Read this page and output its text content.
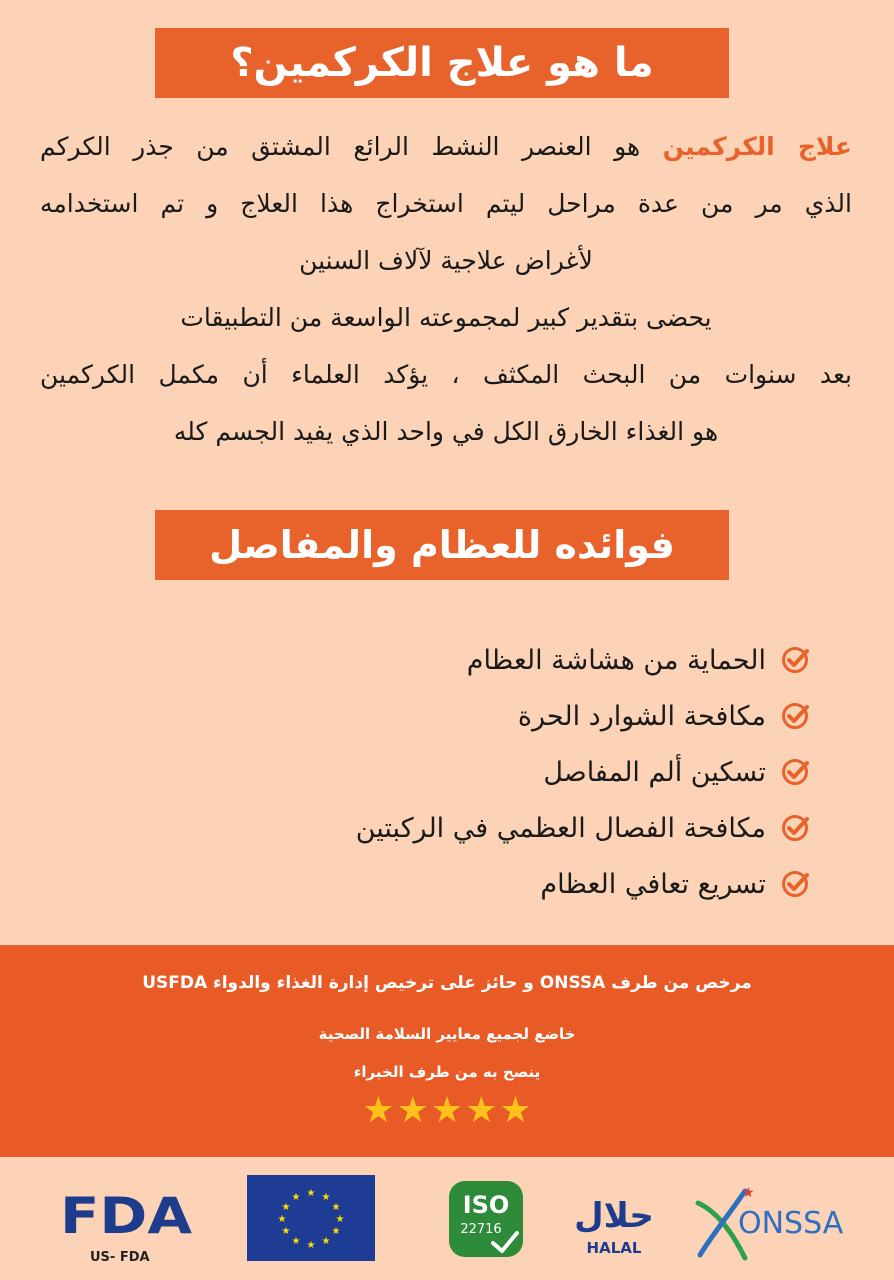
ما هو علاج الكركمين؟
علاج الكركمين هو العنصر النشط الرائع المشتق من جذر الكركم
الذي مر من عدة مراحل ليتم استخراج هذا العلاج و تم استخدامه
لأغراض علاجية لآلاف السنين
يحضى بتقدير كبير لمجموعته الواسعة من التطبيقات
بعد سنوات من البحث المكثف ، يؤكد العلماء أن مكمل الكركمين
هو الغذاء الخارق الكل في واحد الذي يفيد الجسم كله
فوائده للعظام والمفاصل
الحماية من هشاشة العظام
مكافحة الشوارد الحرة
تسكين ألم المفاصل
مكافحة الفصال العظمي في الركبتين
تسريع تعافي العظام
مرخص من طرف ONSSA و حائز على ترخيص إدارة الغذاء والدواء USFDA
خاضع لجميع معايير السلامة الصحية
ينصح به من طرف الخبراء
★ ★ ★ ★ ★
FDA
US- FDA
★ ★
★
★
★
★
★
★
★
★
★
★	ISO
22716 حلال
HALAL
★
ONSSA
